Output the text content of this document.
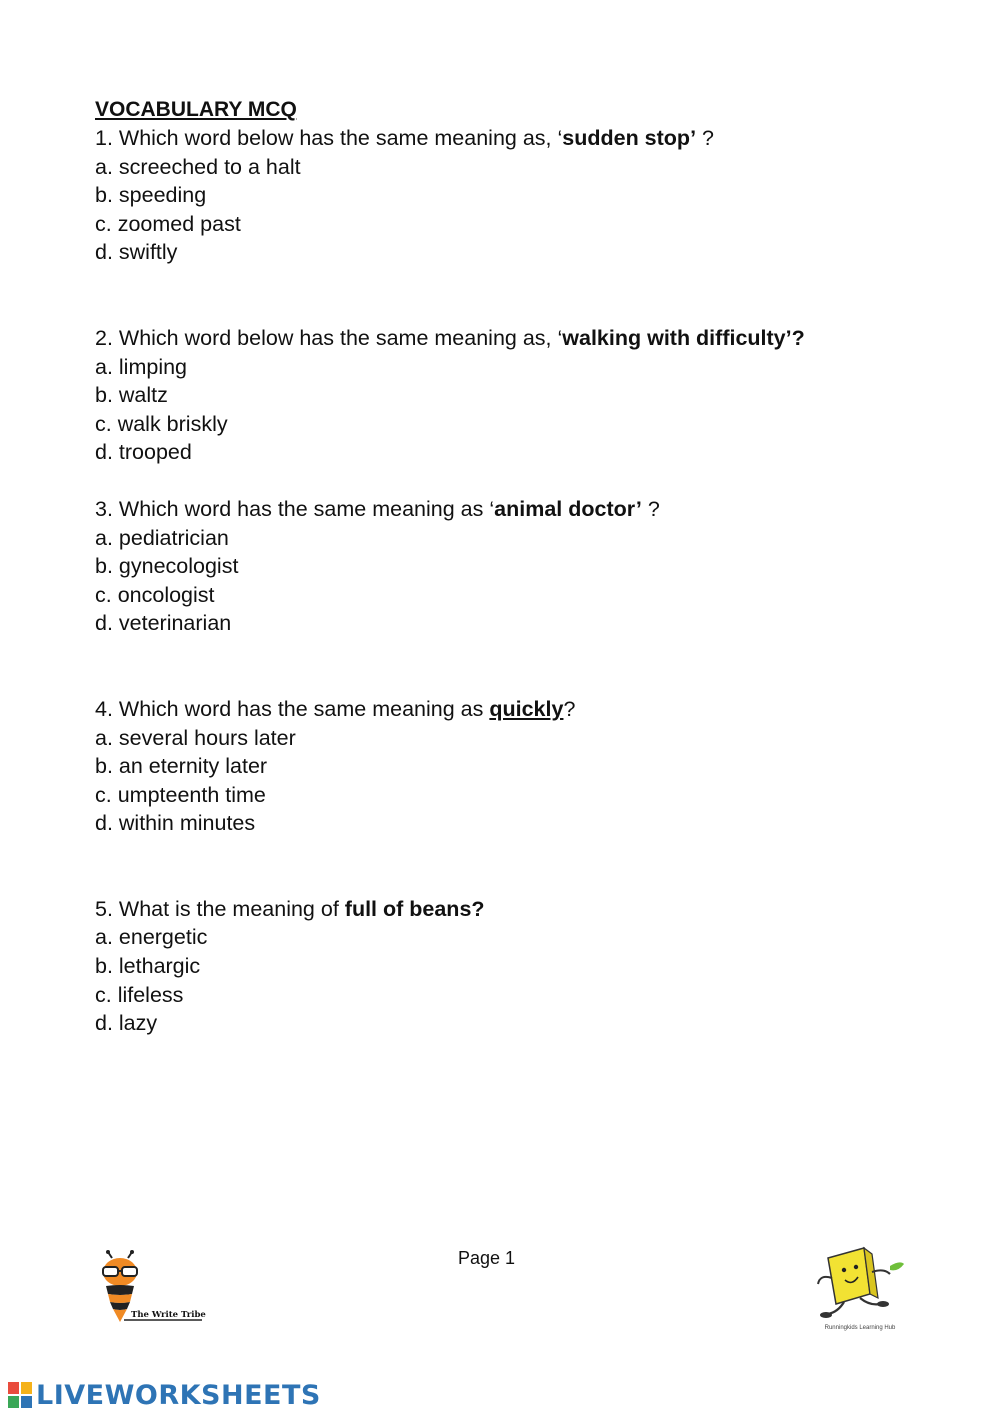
VOCABULARY MCQ

1. Which word below has the same meaning as, ‘sudden stop’ ?

a. screeched to a halt

b. speeding

c. zoomed past

d. swiftly

2. Which word below has the same meaning as, ‘walking with difficulty’?

a. limping

b. waltz

c. walk briskly

d. trooped

3. Which word has the same meaning as ‘animal doctor’ ?

a. pediatrician

b. gynecologist

c. oncologist

d. veterinarian

4. Which word has the same meaning as quickly?

a. several hours later

b. an eternity later

c. umpteenth time

d. within minutes

5. What is the meaning of full of beans?

a. energetic

b. lethargic

c. lifeless

d. lazy

Page 1
The Write Tribe
Runningkids Learning Hub
LIVEWORKSHEETS
